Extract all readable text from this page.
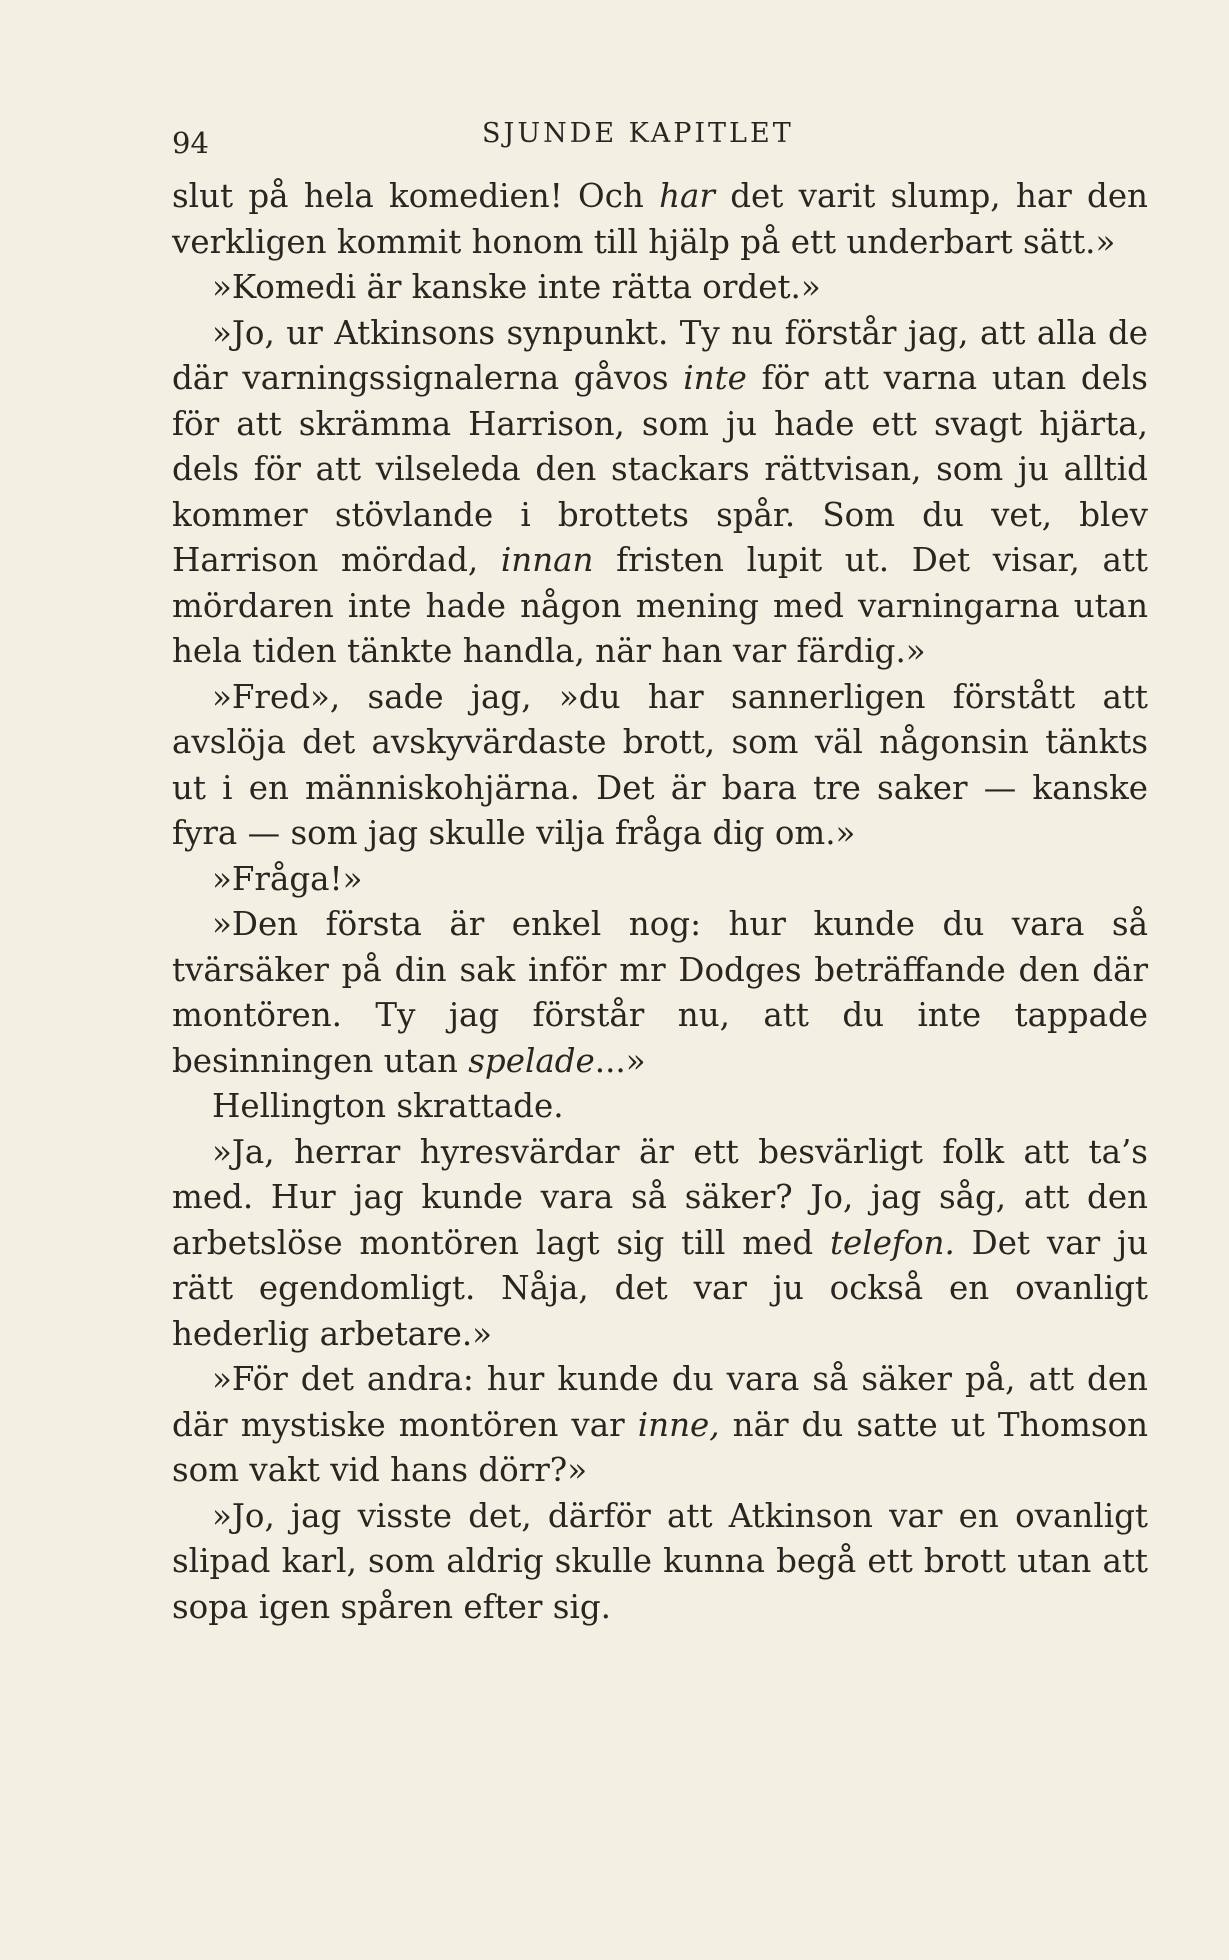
94	SJUNDE KAPITLET

slut på hela komedien! Och har det varit slump, har den verkligen kommit honom till hjälp på ett underbart sätt.»

»Komedi är kanske inte rätta ordet.»

»Jo, ur Atkinsons synpunkt. Ty nu förstår jag, att alla de där varningssignalerna gåvos inte för att varna utan dels för att skrämma Harrison, som ju hade ett svagt hjärta, dels för att vilseleda den stackars rättvisan, som ju alltid kommer stövlande i brottets spår. Som du vet, blev Harrison mördad, innan fristen lupit ut. Det visar, att mördaren inte hade någon mening med varningarna utan hela tiden tänkte handla, när han var färdig.»

»Fred», sade jag, »du har sannerligen förstått att avslöja det avskyvärdaste brott, som väl någonsin tänkts ut i en människohjärna. Det är bara tre saker — kanske fyra — som jag skulle vilja fråga dig om.»

»Fråga!»

»Den första är enkel nog: hur kunde du vara så tvärsäker på din sak inför mr Dodges beträffande den där montören. Ty jag förstår nu, att du inte tappade besinningen utan spelade...»

Hellington skrattade.

»Ja, herrar hyresvärdar är ett besvärligt folk att ta’s med. Hur jag kunde vara så säker? Jo, jag såg, att den arbetslöse montören lagt sig till med telefon. Det var ju rätt egendomligt. Nåja, det var ju också en ovanligt hederlig arbetare.»

»För det andra: hur kunde du vara så säker på, att den där mystiske montören var inne, när du satte ut Thomson som vakt vid hans dörr?»

»Jo, jag visste det, därför att Atkinson var en ovanligt slipad karl, som aldrig skulle kunna begå ett brott utan att sopa igen spåren efter sig.
